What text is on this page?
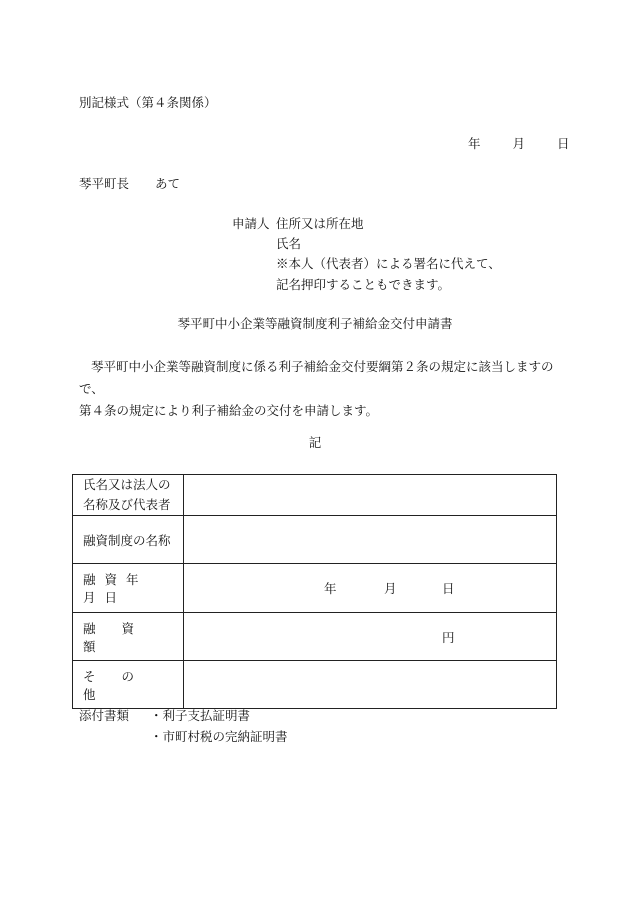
別記様式（第４条関係）
年	月	日
琴平町長 あて
申請人 住所又は所在地
氏名
※本人（代表者）による署名に代えて、
記名押印することもできます。
琴平町中小企業等融資制度利子補給金交付申請書
琴平町中小企業等融資制度に係る利子補給金交付要綱第２条の規定に該当しますので、
第４条の規定により利子補給金の交付を申請します。
記
氏名又は法人の
名称及び代表者	

融資制度の名称	

融資年月日	年 月 日

融資額	円

その他	

添付書類 ・利子支払証明書
・市町村税の完納証明書
